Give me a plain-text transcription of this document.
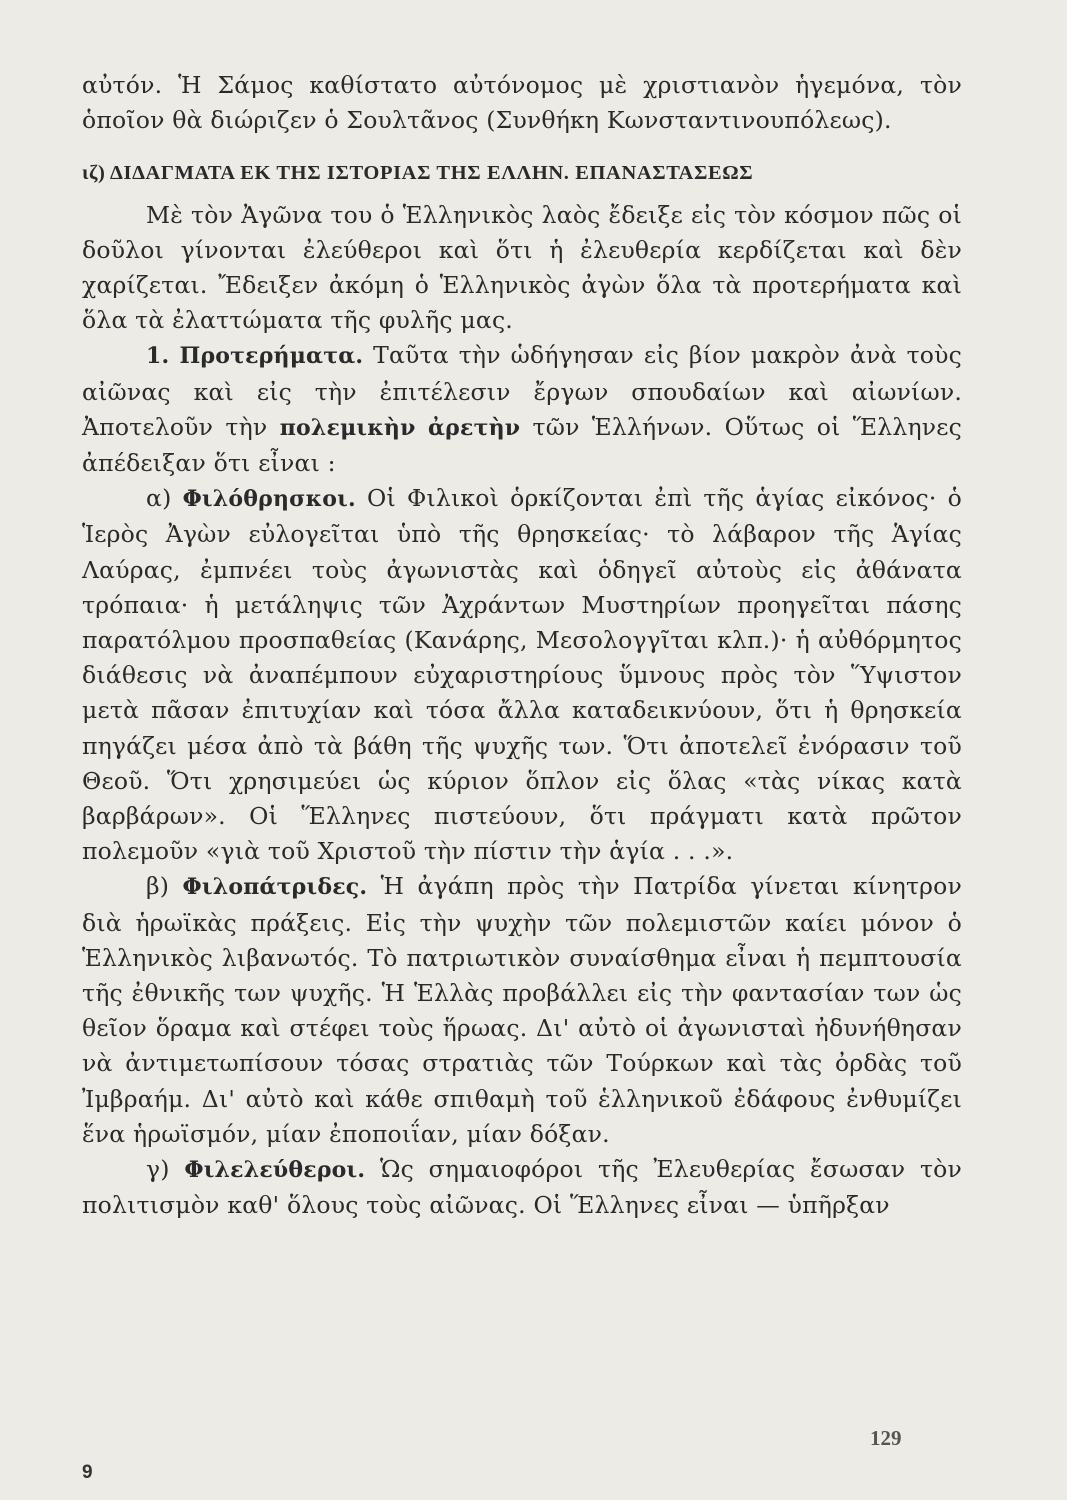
αὐτόν. Ἡ Σάμος καθίστατο αὐτόνομος μὲ χριστιανὸν ἡγεμόνα, τὸν ὁποῖον θὰ διώριζεν ὁ Σουλτᾶνος (Συνθήκη Κωνσταντινουπόλεως).

ιζ) ΔΙΔΑΓΜΑΤΑ ΕΚ ΤΗΣ ΙΣΤΟΡΙΑΣ ΤΗΣ ΕΛΛΗΝ. ΕΠΑΝΑΣΤΑΣΕΩΣ

Μὲ τὸν Ἀγῶνα του ὁ Ἑλληνικὸς λαὸς ἔδειξε εἰς τὸν κόσμον πῶς οἱ δοῦλοι γίνονται ἐλεύθεροι καὶ ὅτι ἡ ἐλευθερία κερδίζεται καὶ δὲν χαρίζεται. Ἔδειξεν ἀκόμη ὁ Ἑλληνικὸς ἀγὼν ὅλα τὰ προτερήματα καὶ ὅλα τὰ ἐλαττώματα τῆς φυλῆς μας.

1. Προτερήματα. Ταῦτα τὴν ὡδήγησαν εἰς βίον μακρὸν ἀνὰ τοὺς αἰῶνας καὶ εἰς τὴν ἐπιτέλεσιν ἔργων σπουδαίων καὶ αἰωνίων. Ἀποτελοῦν τὴν πολεμικὴν ἀρετὴν τῶν Ἑλλήνων. Οὕτως οἱ Ἕλληνες ἀπέδειξαν ὅτι εἶναι :

α) Φιλόθρησκοι. Οἱ Φιλικοὶ ὁρκίζονται ἐπὶ τῆς ἁγίας εἰκόνος· ὁ Ἱερὸς Ἀγὼν εὐλογεῖται ὑπὸ τῆς θρησκείας· τὸ λάβαρον τῆς Ἁγίας Λαύρας, ἐμπνέει τοὺς ἀγωνιστὰς καὶ ὁδηγεῖ αὐτοὺς εἰς ἀθάνατα τρόπαια· ἡ μετάληψις τῶν Ἀχράντων Μυστηρίων προηγεῖται πάσης παρατόλμου προσπαθείας (Κανάρης, Μεσολογγῖται κλπ.)· ἡ αὐθόρμητος διάθεσις νὰ ἀναπέμπουν εὐχαριστηρίους ὕμνους πρὸς τὸν Ὕψιστον μετὰ πᾶσαν ἐπιτυχίαν καὶ τόσα ἄλλα καταδεικνύουν, ὅτι ἡ θρησκεία πηγάζει μέσα ἀπὸ τὰ βάθη τῆς ψυχῆς των. Ὅτι ἀποτελεῖ ἐνόρασιν τοῦ Θεοῦ. Ὅτι χρησιμεύει ὡς κύριον ὅπλον εἰς ὅλας «τὰς νίκας κατὰ βαρβάρων». Οἱ Ἕλληνες πιστεύουν, ὅτι πράγματι κατὰ πρῶτον πολεμοῦν «γιὰ τοῦ Χριστοῦ τὴν πίστιν τὴν ἁγία . . .».

β) Φιλοπάτριδες. Ἡ ἀγάπη πρὸς τὴν Πατρίδα γίνεται κίνητρον διὰ ἡρωϊκὰς πράξεις. Εἰς τὴν ψυχὴν τῶν πολεμιστῶν καίει μόνον ὁ Ἑλληνικὸς λιβανωτός. Τὸ πατριωτικὸν συναίσθημα εἶναι ἡ πεμπτουσία τῆς ἐθνικῆς των ψυχῆς. Ἡ Ἑλλὰς προβάλλει εἰς τὴν φαντασίαν των ὡς θεῖον ὅραμα καὶ στέφει τοὺς ἥρωας. Δι' αὐτὸ οἱ ἀγωνισταὶ ἠδυνήθησαν νὰ ἀντιμετωπίσουν τόσας στρατιὰς τῶν Τούρκων καὶ τὰς ὀρδὰς τοῦ Ἰμβραήμ. Δι' αὐτὸ καὶ κάθε σπιθαμὴ τοῦ ἑλληνικοῦ ἐδάφους ἐνθυμίζει ἕνα ἡρωϊσμόν, μίαν ἐποποιΐαν, μίαν δόξαν.

γ) Φιλελεύθεροι. Ὡς σημαιοφόροι τῆς Ἐλευθερίας ἔσωσαν τὸν πολιτισμὸν καθ' ὅλους τοὺς αἰῶνας. Οἱ Ἕλληνες εἶναι — ὑπῆρξαν

129
9
